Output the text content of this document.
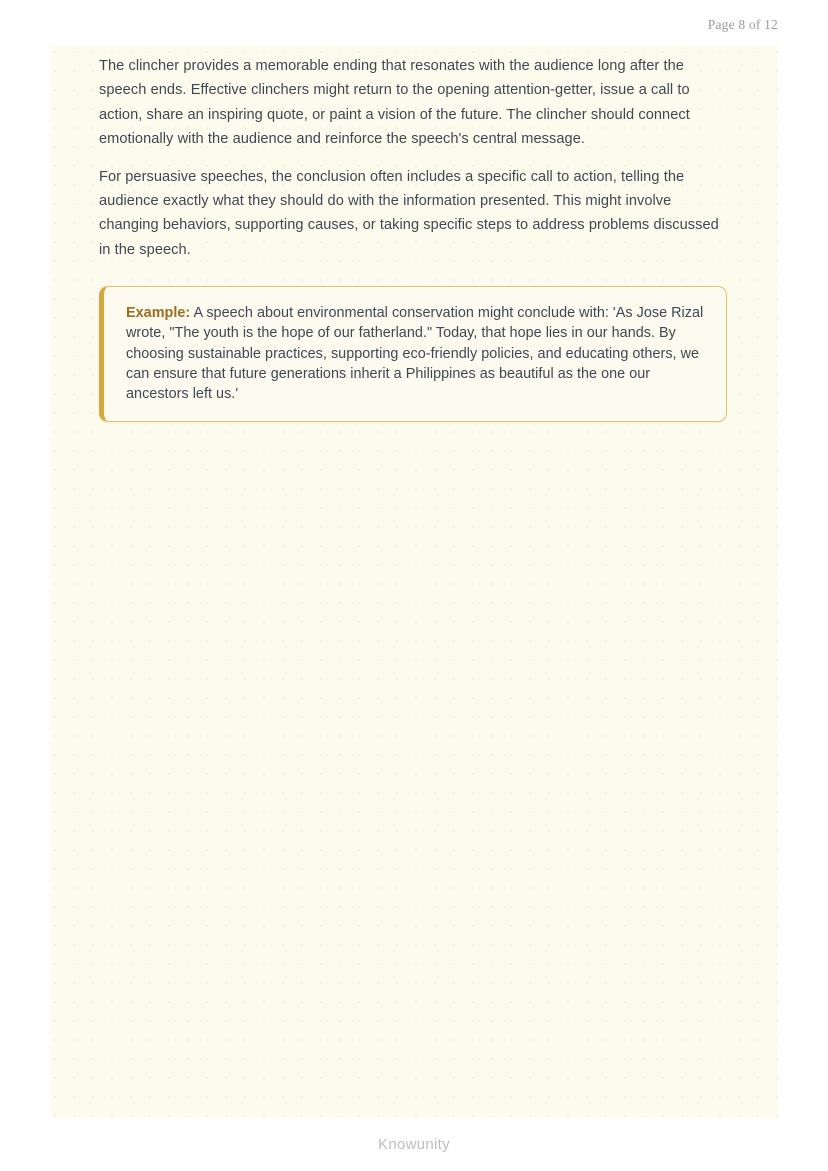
Page 8 of 12

The clincher provides a memorable ending that resonates with the audience long after the speech ends. Effective clinchers might return to the opening attention-getter, issue a call to action, share an inspiring quote, or paint a vision of the future. The clincher should connect emotionally with the audience and reinforce the speech's central message.

For persuasive speeches, the conclusion often includes a specific call to action, telling the audience exactly what they should do with the information presented. This might involve changing behaviors, supporting causes, or taking specific steps to address problems discussed in the speech.

Example: A speech about environmental conservation might conclude with: 'As Jose Rizal wrote, "The youth is the hope of our fatherland." Today, that hope lies in our hands. By choosing sustainable practices, supporting eco-friendly policies, and educating others, we can ensure that future generations inherit a Philippines as beautiful as the one our ancestors left us.'

Knowunity
